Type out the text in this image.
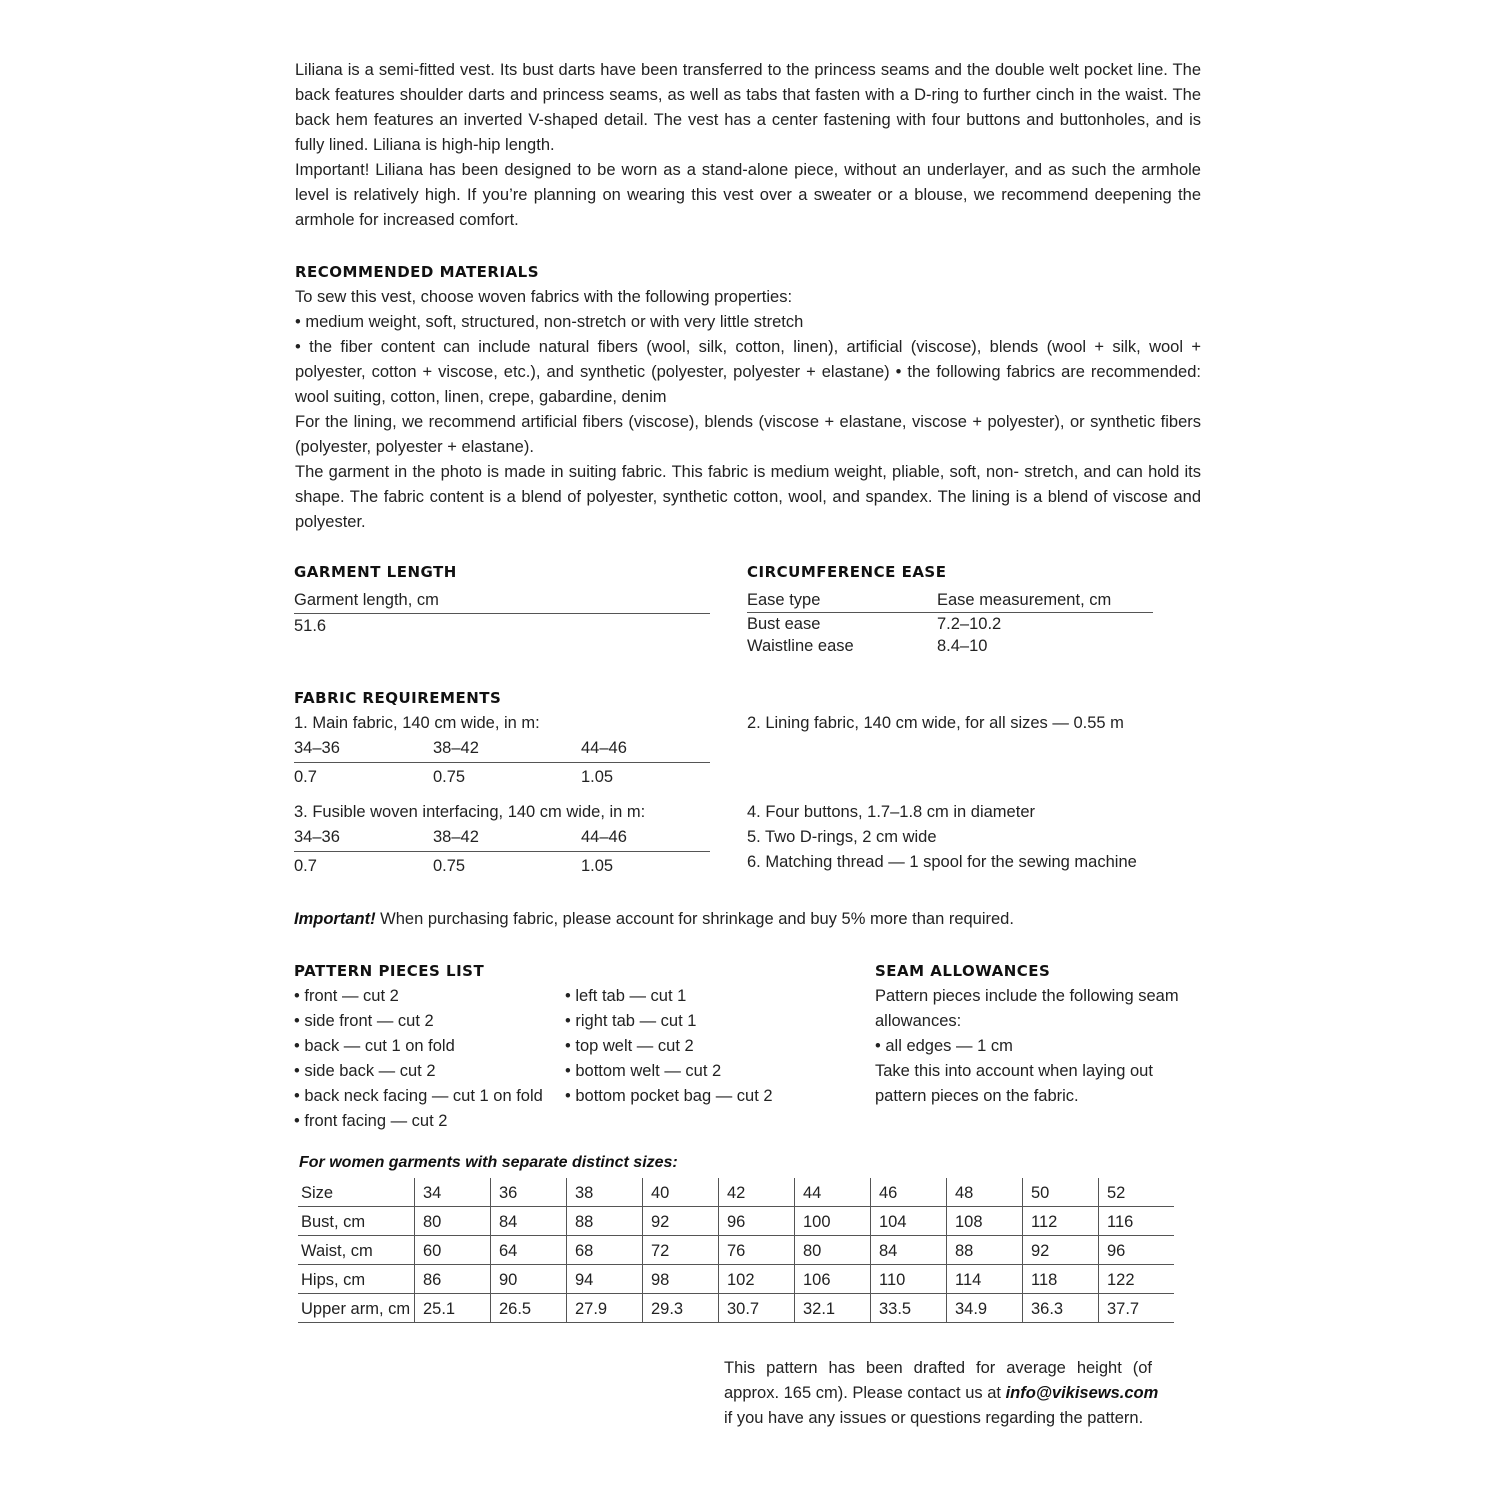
Liliana is a semi-fitted vest. Its bust darts have been transferred to the princess seams and the double welt pocket line. The back features shoulder darts and princess seams, as well as tabs that fasten with a D-ring to further cinch in the waist. The back hem features an inverted V-shaped detail. The vest has a center fastening with four buttons and buttonholes, and is fully lined. Liliana is high-hip length.

Important! Liliana has been designed to be worn as a stand-alone piece, without an underlayer, and as such the armhole level is relatively high. If you’re planning on wearing this vest over a sweater or a blouse, we recommend deepening the armhole for increased comfort.

RECOMMENDED MATERIALS

To sew this vest, choose woven fabrics with the following properties:

• medium weight, soft, structured, non-stretch or with very little stretch

• the fiber content can include natural fibers (wool, silk, cotton, linen), artificial (viscose), blends (wool + silk, wool + polyester, cotton + viscose, etc.), and synthetic (polyester, polyester + elastane) • the following fabrics are recommended: wool suiting, cotton, linen, crepe, gabardine, denim

For the lining, we recommend artificial fibers (viscose), blends (viscose + elastane, viscose + polyester), or synthetic fibers (polyester, polyester + elastane).

The garment in the photo is made in suiting fabric. This fabric is medium weight, pliable, soft, non- stretch, and can hold its shape. The fabric content is a blend of polyester, synthetic cotton, wool, and spandex. The lining is a blend of viscose and polyester.

GARMENT LENGTH
Garment length, cm
51.6
CIRCUMFERENCE EASE
Ease type	Ease measurement, cm
Bust ease	7.2–10.2
Waistline ease	8.4–10
FABRIC REQUIREMENTS
1. Main fabric, 140 cm wide, in m:
34–36	38–42	44–46
0.7	0.75	1.05
2. Lining fabric, 140 cm wide, for all sizes — 0.55 m
3. Fusible woven interfacing, 140 cm wide, in m:
34–36	38–42	44–46
0.7	0.75	1.05
4. Four buttons, 1.7–1.8 cm in diameter
5. Two D-rings, 2 cm wide
6. Matching thread — 1 spool for the sewing machine
Important! When purchasing fabric, please account for shrinkage and buy 5% more than required.
PATTERN PIECES LIST
• front — cut 2
• side front — cut 2
• back — cut 1 on fold
• side back — cut 2
• back neck facing — cut 1 on fold
• front facing — cut 2
• left tab — cut 1
• right tab — cut 1
• top welt — cut 2
• bottom welt — cut 2
• bottom pocket bag — cut 2
SEAM ALLOWANCES
Pattern pieces include the following seam
allowances:
• all edges — 1 cm
Take this into account when laying out
pattern pieces on the fabric.
For women garments with separate distinct sizes:
Size	34	36	38	40	42	44	46	48	50	52
Bust, cm	80	84	88	92	96	100	104	108	112	116
Waist, cm	60	64	68	72	76	80	84	88	92	96
Hips, cm	86	90	94	98	102	106	110	114	118	122
Upper arm, cm	25.1	26.5	27.9	29.3	30.7	32.1	33.5	34.9	36.3	37.7
This pattern has been drafted for average height (of
approx. 165 cm). Please contact us at info@vikisews.com
if you have any issues or questions regarding the pattern.
